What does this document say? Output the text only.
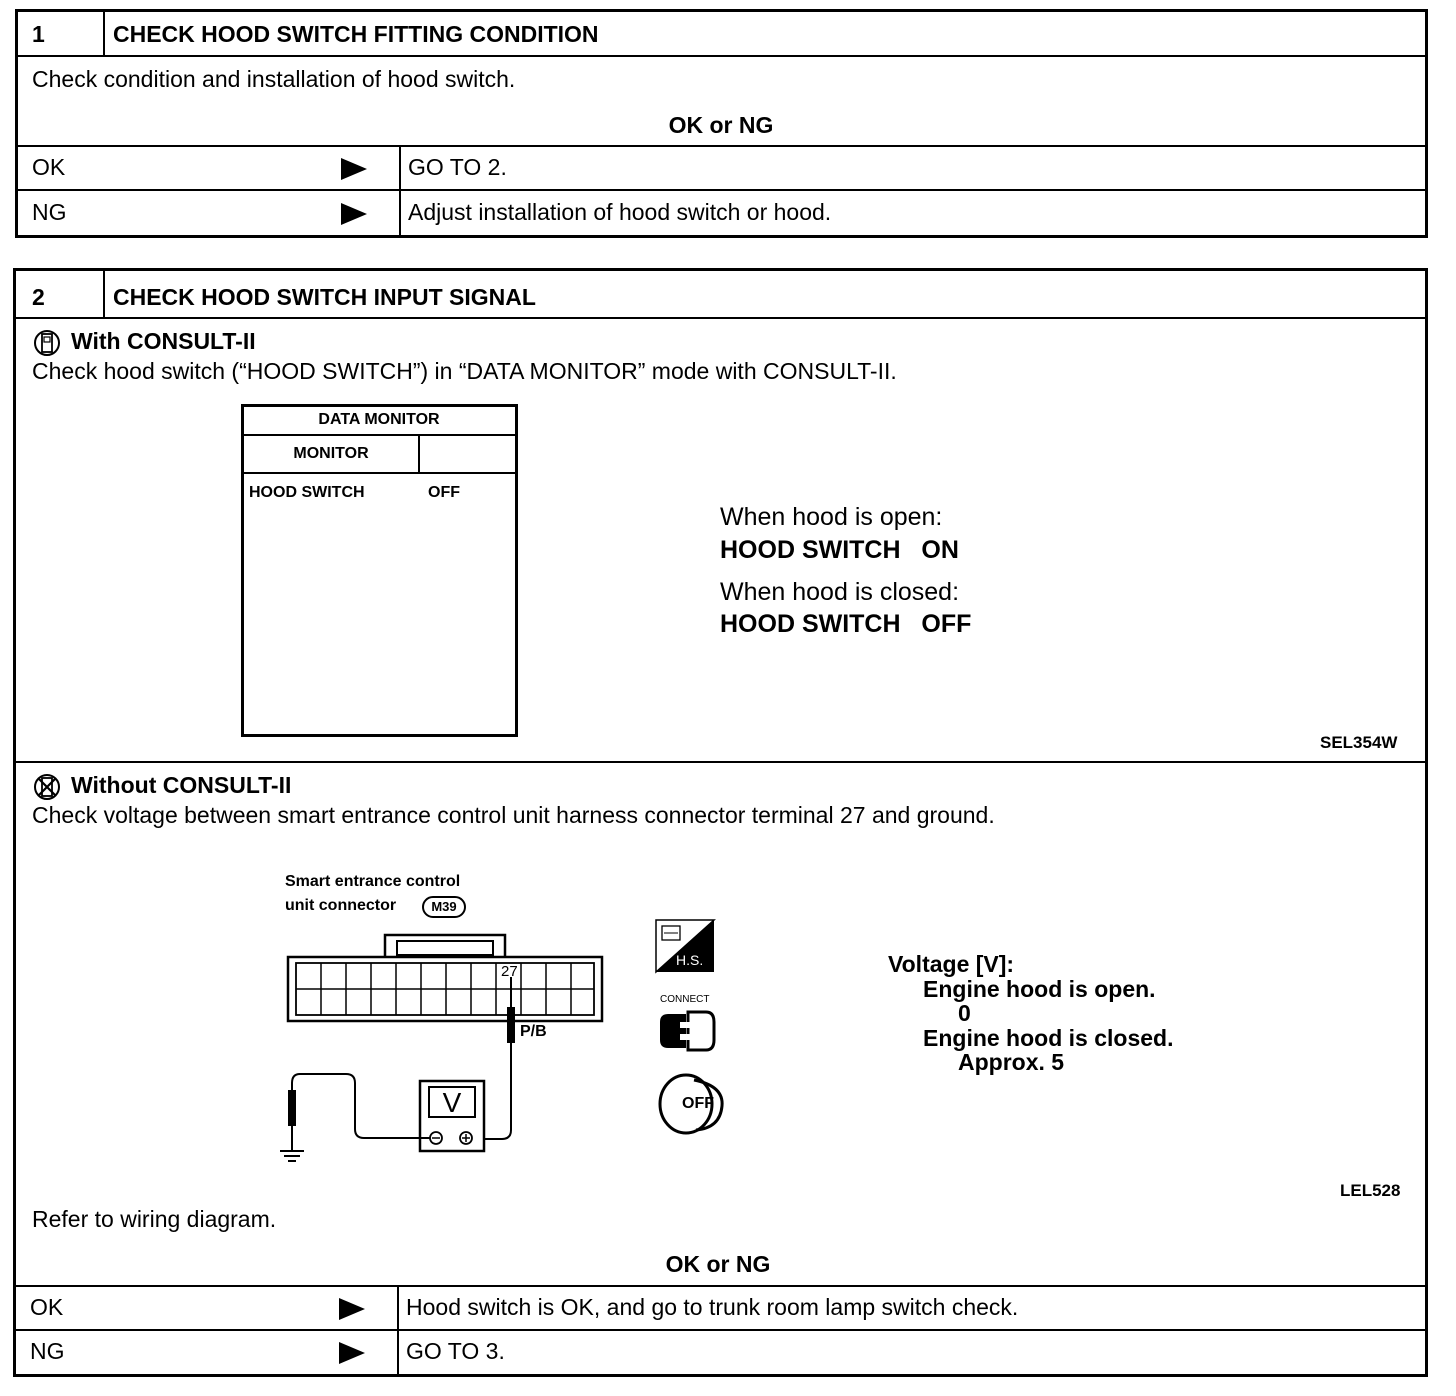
1	CHECK HOOD SWITCH FITTING CONDITION
Check condition and installation of hood switch.
OK or NG
OK	GO TO 2.
NG	Adjust installation of hood switch or hood.
2	CHECK HOOD SWITCH INPUT SIGNAL
With CONSULT-II
Check hood switch (“HOOD SWITCH”) in “DATA MONITOR” mode with CONSULT-II.
DATA MONITOR
MONITOR
HOOD SWITCH	OFF
When hood is open:
HOOD SWITCH   ON
When hood is closed:
HOOD SWITCH   OFF
SEL354W
Without CONSULT-II
Check voltage between smart entrance control unit harness connector terminal 27 and ground.
Smart entrance control
unit connector	M39
27
P/B
V
H.S.
CONNECT
OFF
Voltage [V]:
Engine hood is open.
0
Engine hood is closed.
Approx. 5
LEL528
Refer to wiring diagram.
OK or NG
OK	Hood switch is OK, and go to trunk room lamp switch check.
NG	GO TO 3.
